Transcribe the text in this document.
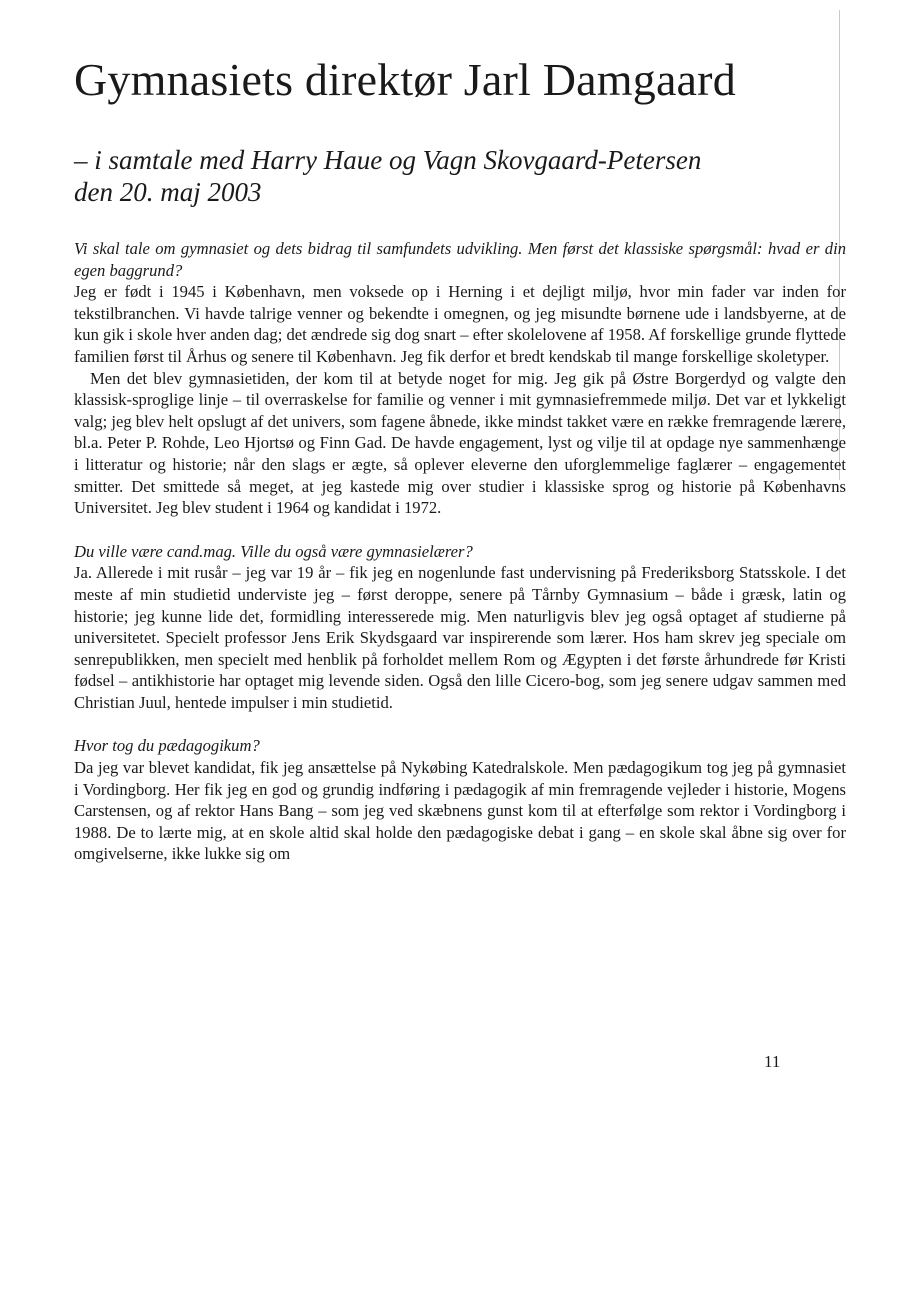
Gymnasiets direktør Jarl Damgaard
– i samtale med Harry Haue og Vagn Skovgaard-Petersen
den 20. maj 2003

Vi skal tale om gymnasiet og dets bidrag til samfundets udvikling. Men først det klassiske spørgsmål: hvad er din egen baggrund?

Jeg er født i 1945 i København, men voksede op i Herning i et dejligt miljø, hvor min fader var inden for tekstilbranchen. Vi havde talrige venner og bekendte i omegnen, og jeg misundte børnene ude i landsbyerne, at de kun gik i skole hver anden dag; det ændrede sig dog snart – efter skolelovene af 1958. Af forskellige grunde flyttede familien først til Århus og senere til København. Jeg fik derfor et bredt kendskab til mange forskellige skoletyper.

Men det blev gymnasietiden, der kom til at betyde noget for mig. Jeg gik på Østre Borgerdyd og valgte den klassisk-sproglige linje – til overraskelse for familie og venner i mit gymnasiefremmede miljø. Det var et lykkeligt valg; jeg blev helt opslugt af det univers, som fagene åbnede, ikke mindst takket være en række fremragende lærere, bl.a. Peter P. Rohde, Leo Hjortsø og Finn Gad. De havde engagement, lyst og vilje til at opdage nye sammenhænge i litteratur og historie; når den slags er ægte, så oplever eleverne den uforglemmelige faglærer – engagementet smitter. Det smittede så meget, at jeg kastede mig over studier i klassiske sprog og historie på Københavns Universitet. Jeg blev student i 1964 og kandidat i 1972.

Du ville være cand.mag. Ville du også være gymnasielærer?

Ja. Allerede i mit rusår – jeg var 19 år – fik jeg en nogenlunde fast undervisning på Frederiksborg Statsskole. I det meste af min studietid underviste jeg – først deroppe, senere på Tårnby Gymnasium – både i græsk, latin og historie; jeg kunne lide det, formidling interesserede mig. Men naturligvis blev jeg også optaget af studierne på universitetet. Specielt professor Jens Erik Skydsgaard var inspirerende som lærer. Hos ham skrev jeg speciale om senrepublikken, men specielt med henblik på forholdet mellem Rom og Ægypten i det første århundrede før Kristi fødsel – antikhistorie har optaget mig levende siden. Også den lille Cicero-bog, som jeg senere udgav sammen med Christian Juul, hentede impulser i min studietid.

Hvor tog du pædagogikum?

Da jeg var blevet kandidat, fik jeg ansættelse på Nykøbing Katedralskole. Men pædagogikum tog jeg på gymnasiet i Vordingborg. Her fik jeg en god og grundig indføring i pædagogik af min fremragende vejleder i historie, Mogens Carstensen, og af rektor Hans Bang – som jeg ved skæbnens gunst kom til at efterfølge som rektor i Vordingborg i 1988. De to lærte mig, at en skole altid skal holde den pædagogiske debat i gang – en skole skal åbne sig over for omgivelserne, ikke lukke sig om

11
